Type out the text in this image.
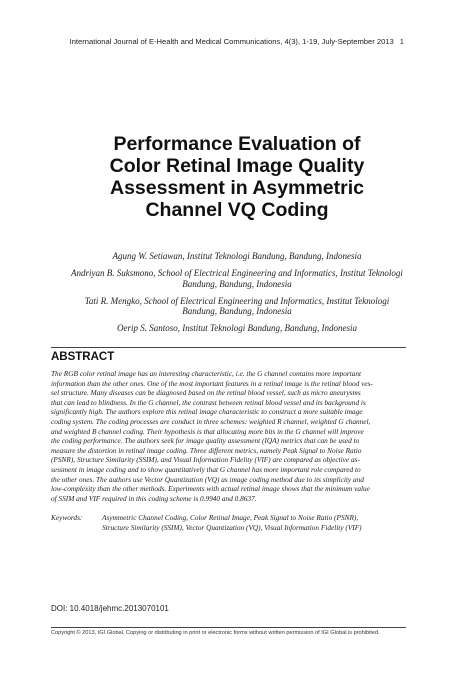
International Journal of E-Health and Medical Communications, 4(3), 1-19, July-September 2013 1
Performance Evaluation of
Color Retinal Image Quality
Assessment in Asymmetric
Channel VQ Coding
Agung W. Setiawan, Institut Teknologi Bandung, Bandung, Indonesia
Andriyan B. Suksmono, School of Electrical Engineering and Informatics, Institut Teknologi
Bandung, Bandung, Indonesia
Tati R. Mengko, School of Electrical Engineering and Informatics, Institut Teknologi
Bandung, Bandung, Indonesia
Oerip S. Santoso, Institut Teknologi Bandung, Bandung, Indonesia
ABSTRACT
The RGB color retinal image has an interesting characteristic, i.e. the G channel contains more important
information than the other ones. One of the most important features in a retinal image is the retinal blood ves-
sel structure. Many diseases can be diagnosed based on the retinal blood vessel, such as micro aneurysms
that can lead to blindness. In the G channel, the contrast between retinal blood vessel and its background is
significantly high. The authors explore this retinal image characteristic to construct a more suitable image
coding system. The coding processes are conduct in three schemes: weighted R channel, weighted G channel,
and weighted B channel coding. Their hypothesis is that allocating more bits in the G channel will improve
the coding performance. The authors seek for image quality assessment (IQA) metrics that can be used to
measure the distortion in retinal image coding. Three different metrics, namely Peak Signal to Noise Ratio
(PSNR), Structure Similarity (SSIM), and Visual Information Fidelity (VIF) are compared as objective as-
sessment in image coding and to show quantitatively that G channel has more important role compared to
the other ones. The authors use Vector Quantization (VQ) as image coding method due to its simplicity and
low-complexity than the other methods. Experiments with actual retinal image shows that the minimum value
of SSIM and VIF required in this coding scheme is 0.9940 and 0.8637.
Keywords:	Asymmetric Channel Coding, Color Retinal Image, Peak Signal to Noise Ratio (PSNR),
Structure Similarity (SSIM), Vector Quantization (VQ), Visual Information Fidelity (VIF)
DOI: 10.4018/jehmc.2013070101
Copyright © 2013, IGI Global. Copying or distributing in print or electronic forms without written permission of IGI Global is prohibited.
